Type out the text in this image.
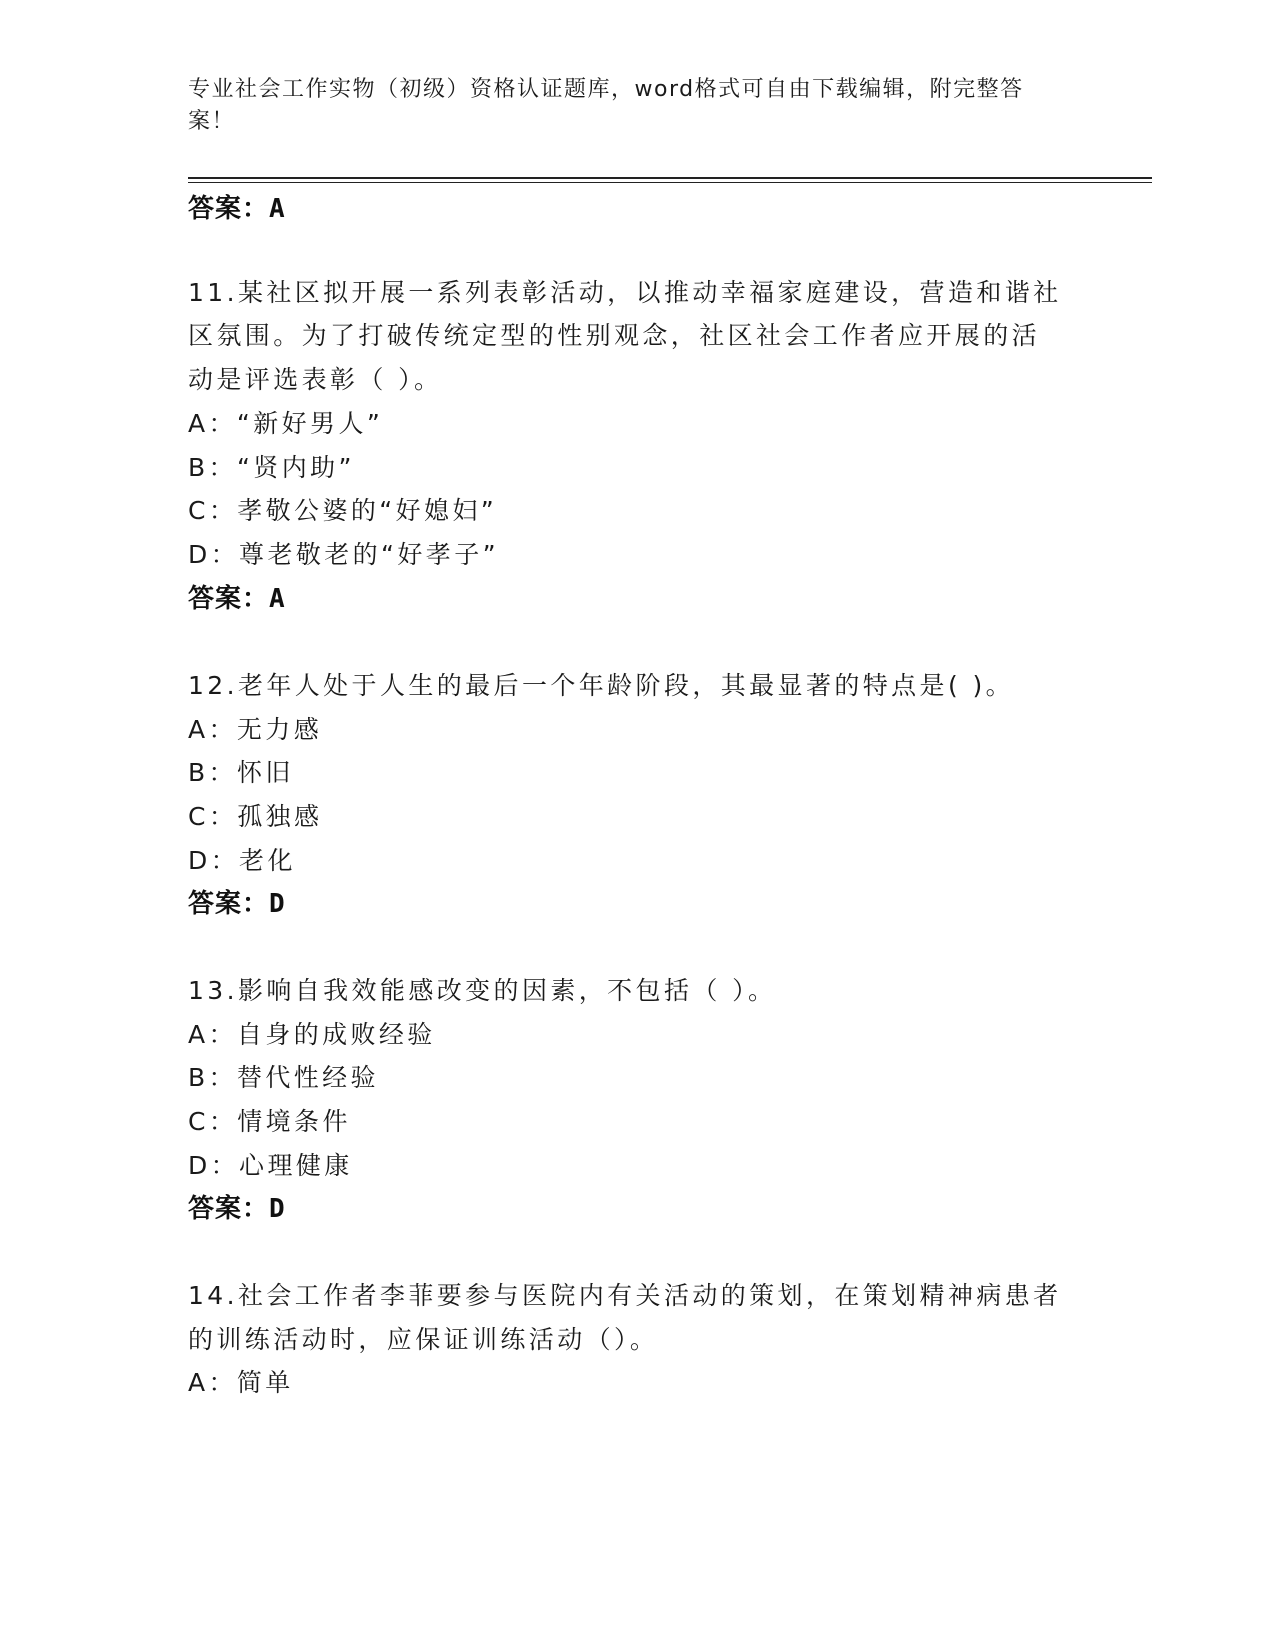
专业社会工作实物（初级）资格认证题库，word格式可自由下载编辑，附完整答案！
答案：A
11.某社区拟开展一系列表彰活动，以推动幸福家庭建设，营造和谐社
区氛围。为了打破传统定型的性别观念，社区社会工作者应开展的活
动是评选表彰（ ）。
A：“新好男人”
B：“贤内助”
C：孝敬公婆的“好媳妇”
D：尊老敬老的“好孝子”
答案：A
12.老年人处于人生的最后一个年龄阶段，其最显著的特点是( )。
A：无力感
B：怀旧
C：孤独感
D：老化
答案：D
13.影响自我效能感改变的因素，不包括（ ）。
A：自身的成败经验
B：替代性经验
C：情境条件
D：心理健康
答案：D
14.社会工作者李菲要参与医院内有关活动的策划，在策划精神病患者
的训练活动时，应保证训练活动（）。
A：简单
